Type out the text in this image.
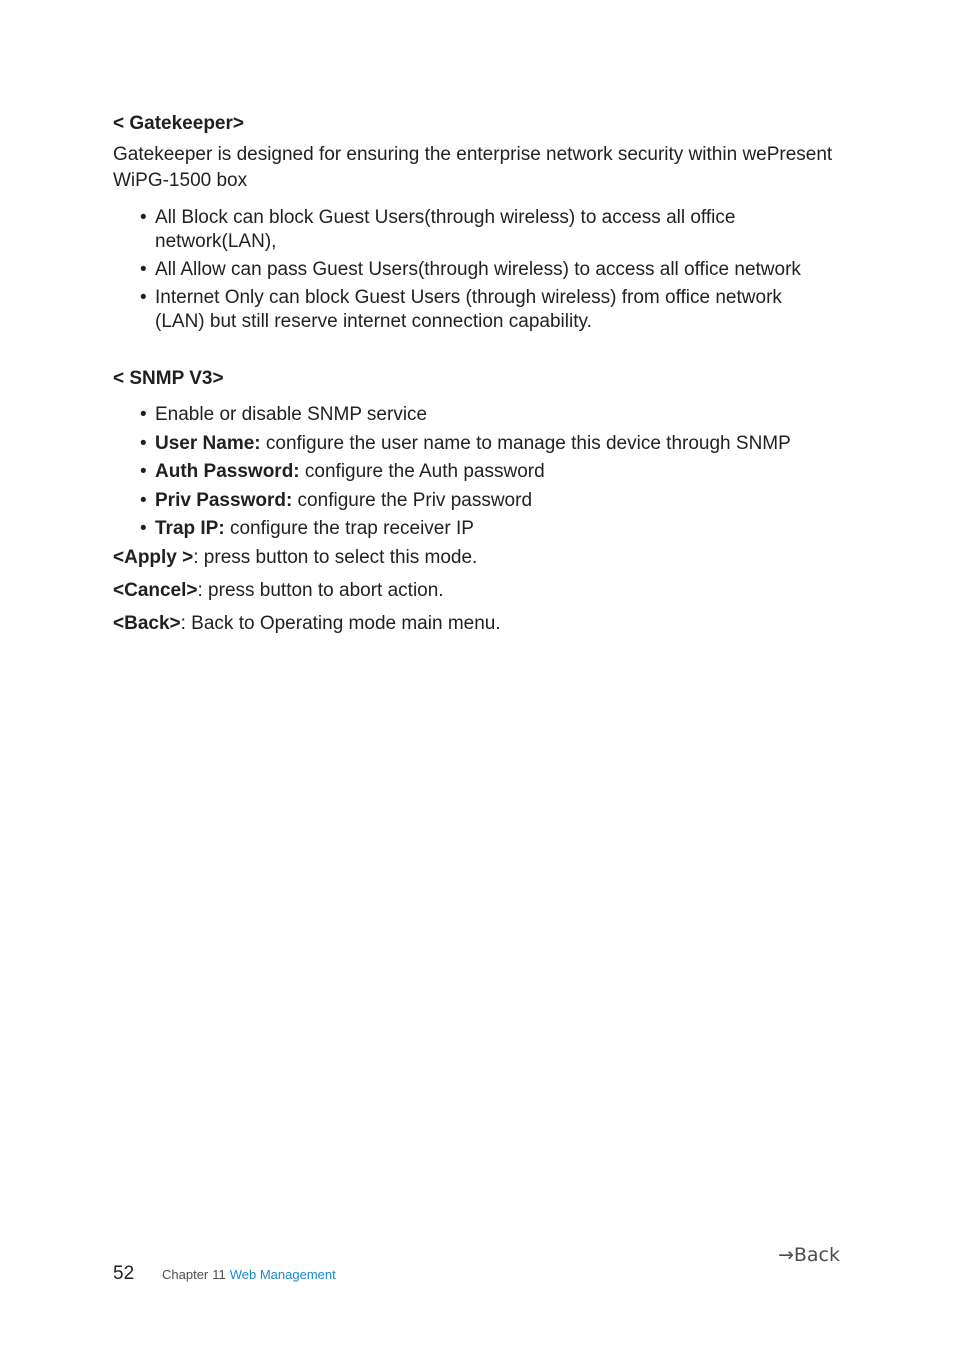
< Gatekeeper>

Gatekeeper is designed for ensuring the enterprise network security within wePresent WiPG-1500 box

• All Block can block Guest Users(through wireless) to access all office network(LAN),
• All Allow can pass Guest Users(through wireless) to access all office network
• Internet Only can block Guest Users (through wireless) from office network (LAN) but still reserve internet connection capability.

< SNMP V3>

• Enable or disable SNMP service
• User Name: configure the user name to manage this device through SNMP
• Auth Password: configure the Auth password
• Priv Password: configure the Priv password
• Trap IP: configure the trap receiver IP

<Apply >: press button to select this mode.

<Cancel>: press button to abort action.

<Back>: Back to Operating mode main menu.

→Back
52 Chapter 11 Web Management
